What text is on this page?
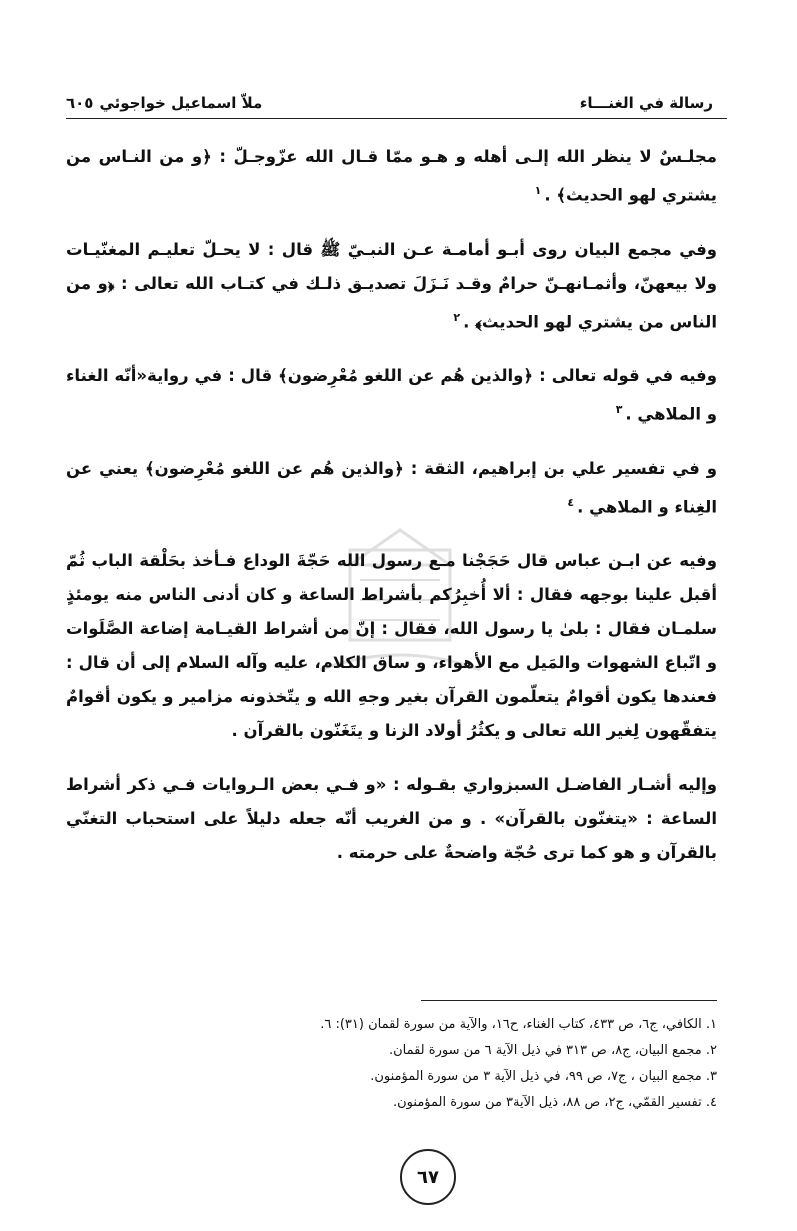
رسالة في الغنـــاء
ملاّ اسماعيل خواجوئي
٦٠٥

مجلـسٌ لا ينظر الله إلـى أهله و هـو ممّا قـال الله عزّوجـلّ : ﴿و من النـاس من يشتري لهو الحديث﴾ .$^١$

وفي مجمع البيان روى أبـو أمامـة عـن النبـيّ ﷺ قال : لا يحـلّ تعليـم المغنّيـات ولا بيعهنّ، وأثمـانهـنّ حرامٌ وقـد نَـزَلَ تصديـق ذلـك في كتـاب الله تعالى : ﴿و من الناس من يشتري لهو الحديث﴾ .$^٢$

وفيه في قوله تعالى : ﴿والذين هُم عن اللغو مُعْرِضون﴾ قال : في رواية«أنّه الغناء و الملاهي .$^٣$

و في تفسير علي بن إبراهيم، الثقة : ﴿والذين هُم عن اللغو مُعْرِضون﴾ يعني عن الغِناء و الملاهي .$^٤$

وفيه عن ابـن عباس قال حَجَجْنا مـع رسول الله حَجّةَ الوداع فـأخذ بحَلْقة الباب ثُمّ أقبل علينا بوجهه فقال : ألا أُخبِرُكم بأشراط الساعة و كان أدنى الناس منه يومئذٍ سلمـان فقال : بلىٰ يا رسول الله، فقال : إنّ من أشراط القيـامة إضاعة الصَّلَوات و اتّباع الشهوات والمَيل مع الأهواء، و ساق الكلام، عليه وآله السلام إلى أن قال : فعندها يكون أقوامٌ يتعلّمون القرآن بغير وجهِ الله و يتّخذونه مزامير و يكون أقوامٌ يتفقّهون لِغير الله تعالى و يكثُرُ أولاد الزنا و يتَغَنّون بالقرآن .

وإليه أشـار الفاضـل السبزواري بقـوله : «و فـي بعض الـروايات فـي ذكر أشراط الساعة : «يتغنّون بالقرآن» . و من الغريب أنّه جعله دليلاً على استحباب التغنّي بالقرآن و هو كما ترى حُجّة واضحةٌ على حرمته .

١. الكافي، ج٦، ص ٤٣٣، كتاب الغناء، ح١٦، والآية من سورة لقمان (٣١): ٦.
٢. مجمع البيان، ج٨، ص ٣١٣ في ذيل الآية ٦ من سورة لقمان.
٣. مجمع البيان ، ج٧، ص ٩٩، في ذيل الآية ٣ من سورة المؤمنون.
٤. تفسير القمّي، ج٢، ص ٨٨، ذيل الآية٣ من سورة المؤمنون.
٦٧
